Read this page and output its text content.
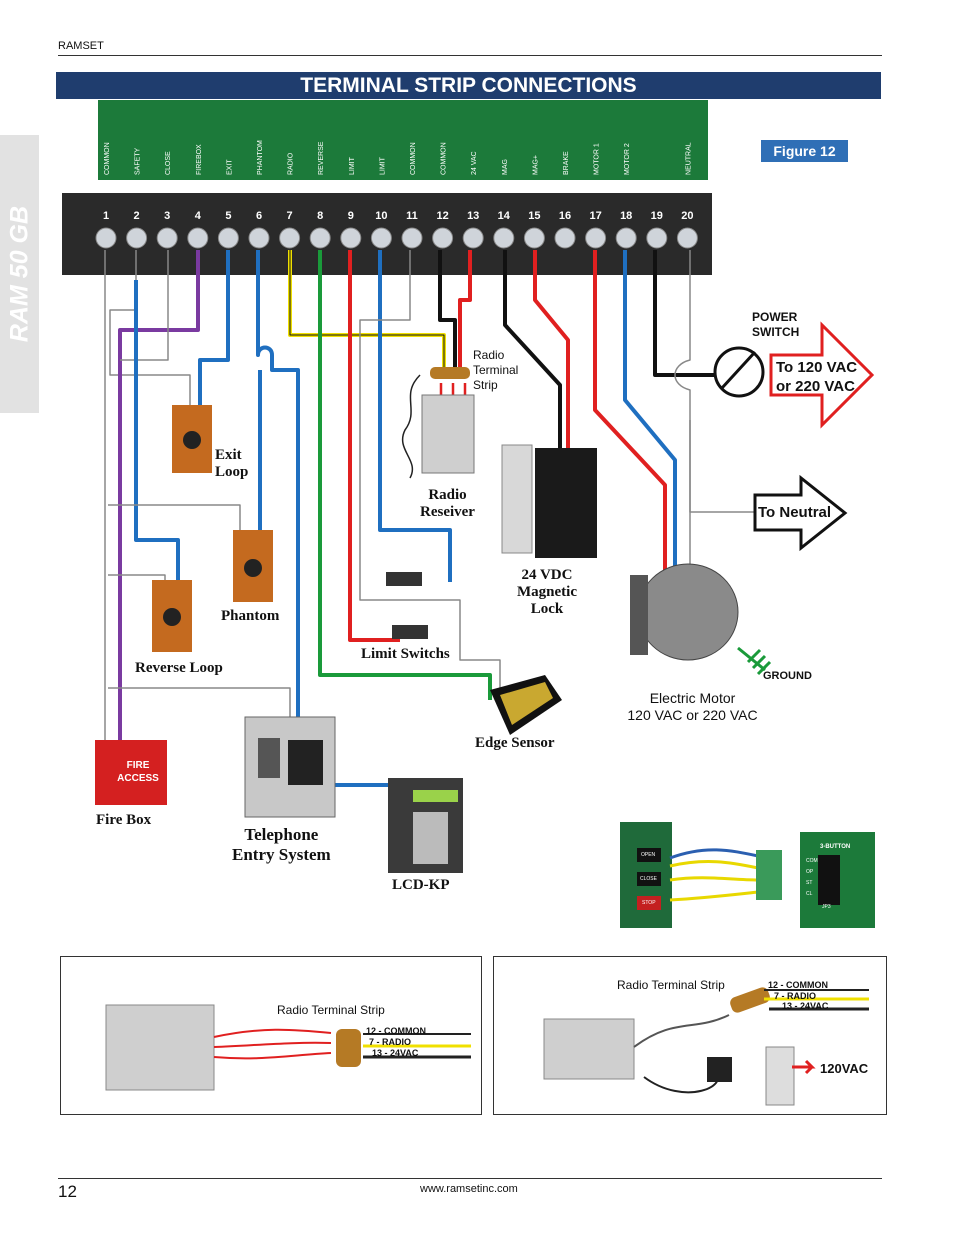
RAMSET
RAM 50 GB
TERMINAL STRIP CONNECTIONS
COMMON	SAFETY	CLOSE	FIREBOX	EXIT	PHANTOM	RADIO	REVERSE	LIMIT	LIMIT	COMMON	COMMON	24 VAC	MAG	MAG+	BRAKE	MOTOR 1	MOTOR 2	NEUTRAL
1 2 3 4 5 6 7 8 9 10 11 12 13 14 15 16 17 18 19 20
Figure 12
POWER
SWITCH
To 120 VAC
or 220 VAC
To Neutral
Radio
Terminal
Strip
Radio
Reseiver
Exit
Loop
Phantom
Reverse Loop
24 VDC
Magnetic
Lock
Limit Switchs
GROUND
Electric Motor
120 VAC or 220 VAC
Edge Sensor
FIRE
ACCESS
Fire Box
Telephone
Entry System
LCD-KP
OPEN
CLOSE
STOP
3-BUTTON
COM
OP
ST
CL
JP3
Radio Terminal Strip
12 - COMMON
7 - RADIO
13 - 24VAC
Radio Terminal Strip	12 - COMMON
7 - RADIO
13 - 24VAC
120VAC
12	www.ramsetinc.com
